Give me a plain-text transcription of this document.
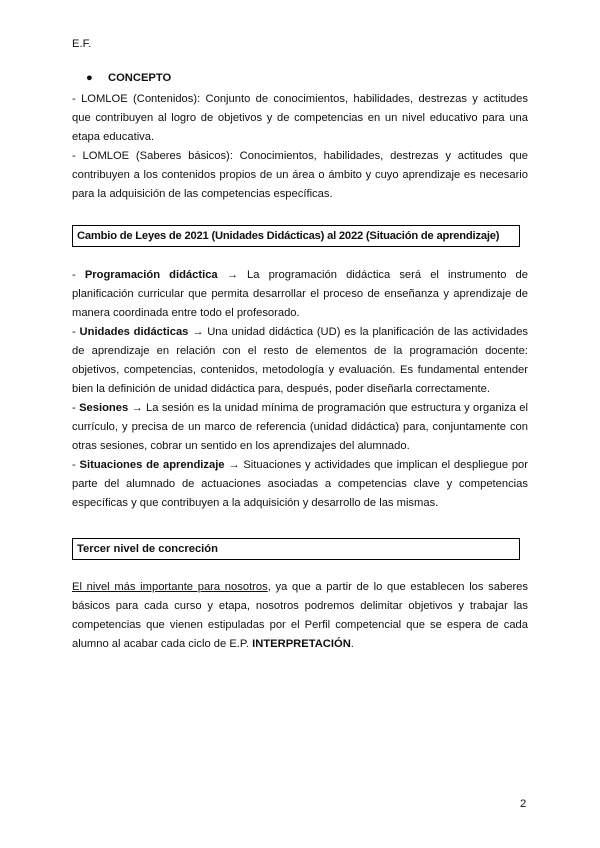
E.F.
● CONCEPTO
- LOMLOE (Contenidos): Conjunto de conocimientos, habilidades, destrezas y actitudes que contribuyen al logro de objetivos y de competencias en un nivel educativo para una etapa educativa.
- LOMLOE (Saberes básicos): Conocimientos, habilidades, destrezas y actitudes que contribuyen a los contenidos propios de un área o ámbito y cuyo aprendizaje es necesario para la adquisición de las competencias específicas.
Cambio de Leyes de 2021 (Unidades Didácticas) al 2022 (Situación de aprendizaje)
- Programación didáctica → La programación didáctica será el instrumento de planificación curricular que permita desarrollar el proceso de enseñanza y aprendizaje de manera coordinada entre todo el profesorado.
- Unidades didácticas → Una unidad didáctica (UD) es la planificación de las actividades de aprendizaje en relación con el resto de elementos de la programación docente: objetivos, competencias, contenidos, metodología y evaluación. Es fundamental entender bien la definición de unidad didáctica para, después, poder diseñarla correctamente.
- Sesiones → La sesión es la unidad mínima de programación que estructura y organiza el currículo, y precisa de un marco de referencia (unidad didáctica) para, conjuntamente con otras sesiones, cobrar un sentido en los aprendizajes del alumnado.
- Situaciones de aprendizaje → Situaciones y actividades que implican el despliegue por parte del alumnado de actuaciones asociadas a competencias clave y competencias específicas y que contribuyen a la adquisición y desarrollo de las mismas.
Tercer nivel de concreción
El nivel más importante para nosotros, ya que a partir de lo que establecen los saberes básicos para cada curso y etapa, nosotros podremos delimitar objetivos y trabajar las competencias que vienen estipuladas por el Perfil competencial que se espera de cada alumno al acabar cada ciclo de E.P. INTERPRETACIÓN.
2
